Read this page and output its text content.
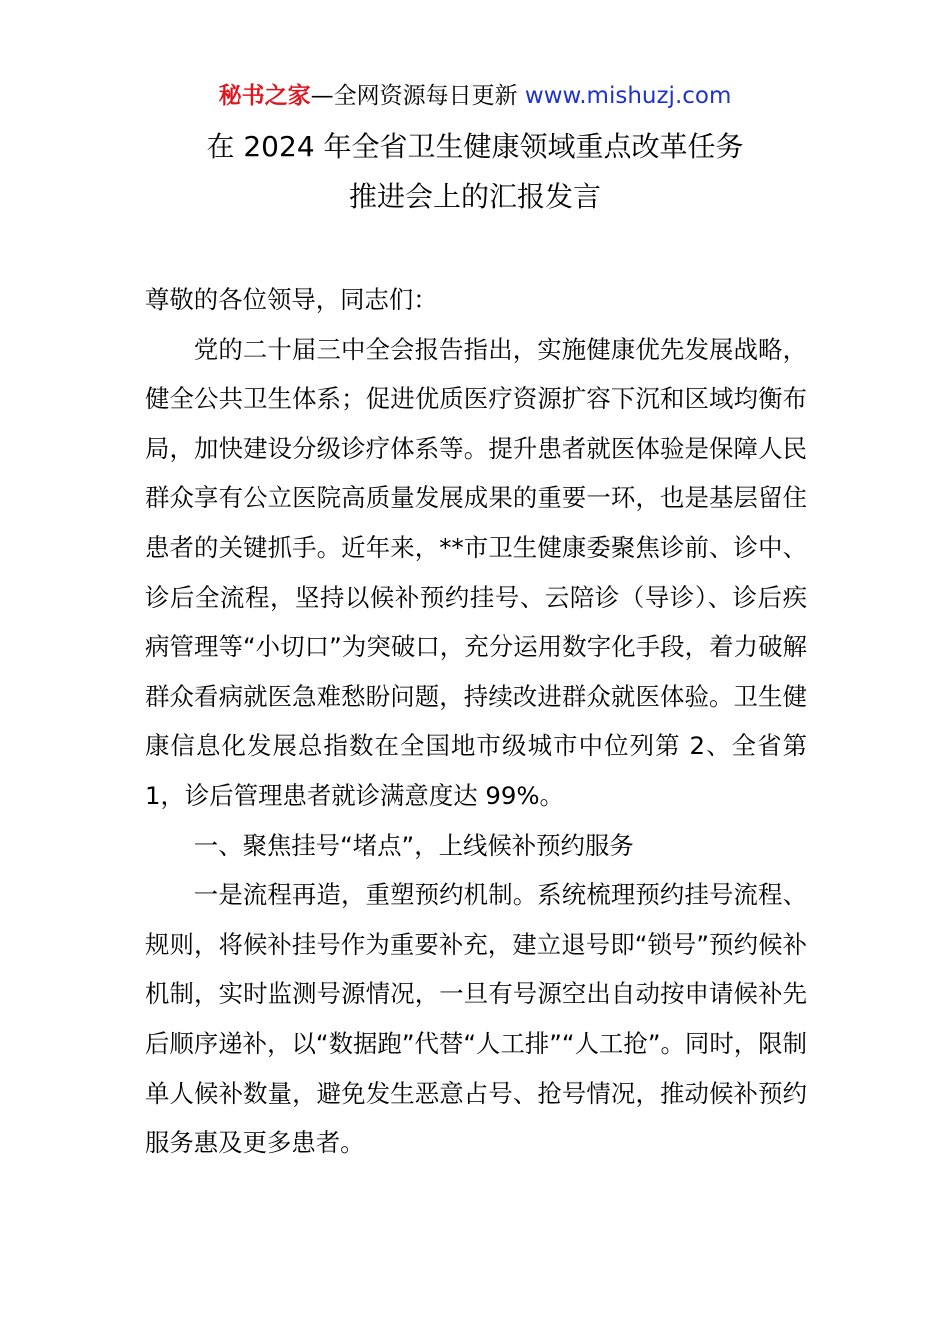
秘书之家—全网资源每日更新 www.mishuzj.com
在 2024 年全省卫生健康领域重点改革任务
推进会上的汇报发言

尊敬的各位领导，同志们：

党的二十届三中全会报告指出，实施健康优先发展战略，健全公共卫生体系；促进优质医疗资源扩容下沉和区域均衡布局，加快建设分级诊疗体系等。提升患者就医体验是保障人民群众享有公立医院高质量发展成果的重要一环，也是基层留住患者的关键抓手。近年来，**市卫生健康委聚焦诊前、诊中、诊后全流程，坚持以候补预约挂号、云陪诊（导诊）、诊后疾病管理等“小切口”为突破口，充分运用数字化手段，着力破解群众看病就医急难愁盼问题，持续改进群众就医体验。卫生健康信息化发展总指数在全国地市级城市中位列第 2、全省第 1，诊后管理患者就诊满意度达 99%。

一、聚焦挂号“堵点”，上线候补预约服务

一是流程再造，重塑预约机制。系统梳理预约挂号流程、规则，将候补挂号作为重要补充，建立退号即“锁号”预约候补机制，实时监测号源情况，一旦有号源空出自动按申请候补先后顺序递补，以“数据跑”代替“人工排”“人工抢”。同时，限制单人候补数量，避免发生恶意占号、抢号情况，推动候补预约服务惠及更多患者。
